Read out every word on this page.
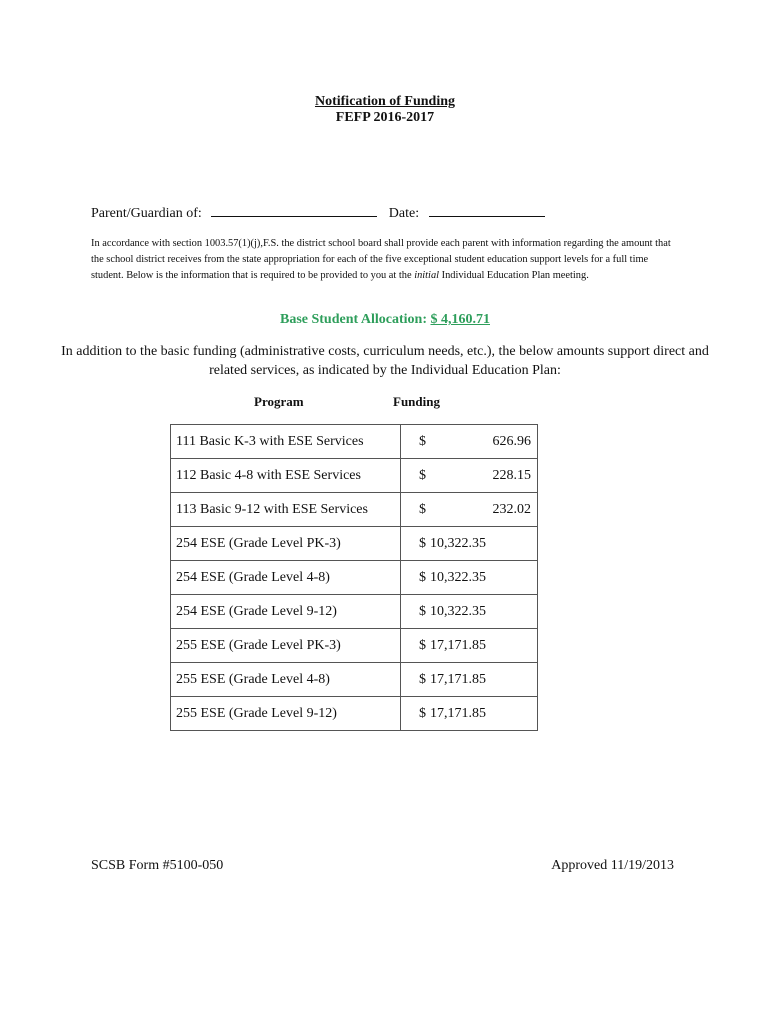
Notification of Funding
FEFP 2016-2017
Parent/Guardian of:	Date:
In accordance with section 1003.57(1)(j),F.S. the district school board shall provide each parent with information regarding the amount that the school district receives from the state appropriation for each of the five exceptional student education support levels for a full time student. Below is the information that is required to be provided to you at the initial Individual Education Plan meeting.
Base Student Allocation: $ 4,160.71
In addition to the basic funding (administrative costs, curriculum needs, etc.), the below amounts support direct and related services, as indicated by the Individual Education Plan:
Program	Funding
111 Basic K-3 with ESE Services	$ 626.96

112 Basic 4-8 with ESE Services	$ 228.15

113 Basic 9-12 with ESE Services	$ 232.02

254 ESE (Grade Level PK-3)	$ 10,322.35

254 ESE (Grade Level 4-8)	$ 10,322.35

254 ESE (Grade Level 9-12)	$ 10,322.35

255 ESE (Grade Level PK-3)	$ 17,171.85

255 ESE (Grade Level 4-8)	$ 17,171.85

255 ESE (Grade Level 9-12)	$ 17,171.85
SCSB Form #5100-050	Approved 11/19/2013
